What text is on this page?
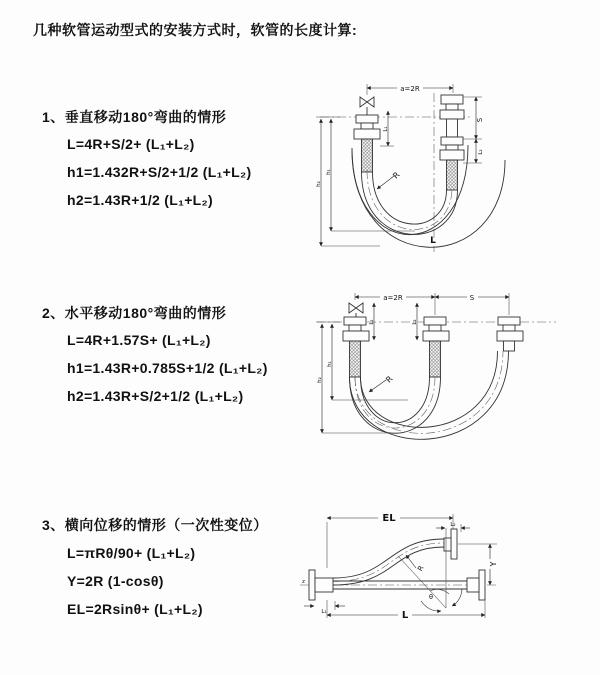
几种软管运动型式的安装方式时，软管的长度计算:
1、垂直移动180°弯曲的情形
L=4R+S/2+ (L₁+L₂)
h1=1.432R+S/2+1/2 (L₁+L₂)
h2=1.43R+1/2 (L₁+L₂)
2、水平移动180°弯曲的情形
L=4R+1.57S+ (L₁+L₂)
h1=1.43R+0.785S+1/2 (L₁+L₂)
h2=1.43R+S/2+1/2 (L₁+L₂)
3、横向位移的情形（一次性变位）
L=πRθ/90+ (L₁+L₂)
Y=2R (1-cosθ)
EL=2Rsinθ+ (L₁+L₂)
a=2R
S
L₂
L₁
h₁
h₂
R
L
a=2R	S
L₁	L₂
h₁
h₂	R
EL
L₂
θ
R
Y
L₁	L
z
